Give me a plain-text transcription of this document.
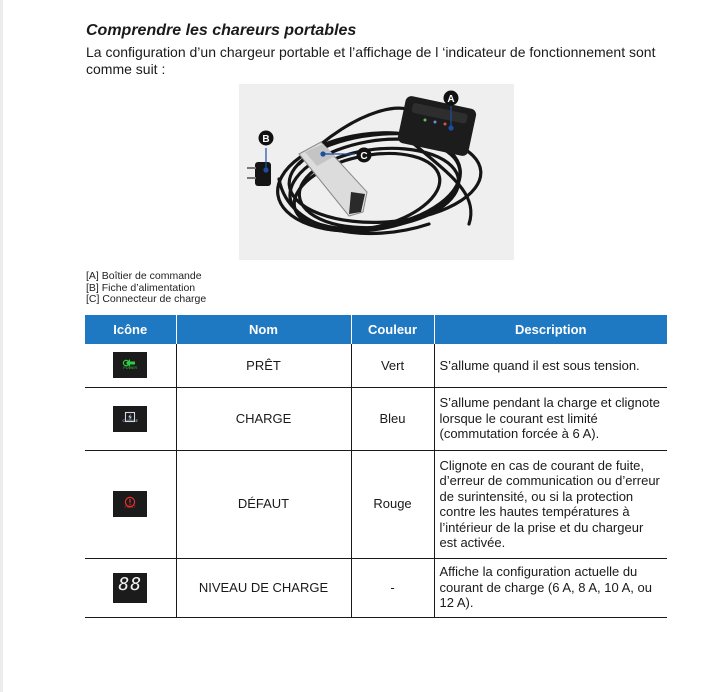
Comprendre les chareurs portables
La configuration d’un chargeur portable et l’affichage de l ‘indicateur de fonctionnement sont comme suit :
A
B
C
[A] Boîtier de commande
[B] Fiche d’alimentation
[C] Connecteur de charge
Icône	Nom	Couleur	Description

POWER	PRÊT	Vert	S’allume quand il est sous tension.

CHARGE	CHARGE	Bleu	S’allume pendant la charge et clignote lorsque le courant est limité (commutation forcée à 6 A).

FAULT	DÉFAUT	Rouge	Clignote en cas de courant de fuite, d’erreur de communication ou d’erreur de surintensité, ou si la protection contre les hautes températures à l’intérieur de la prise et du chargeur est activée.

88	NIVEAU DE CHARGE	-	Affiche la configuration actuelle du courant de charge (6 A, 8 A, 10 A, ou 12 A).
